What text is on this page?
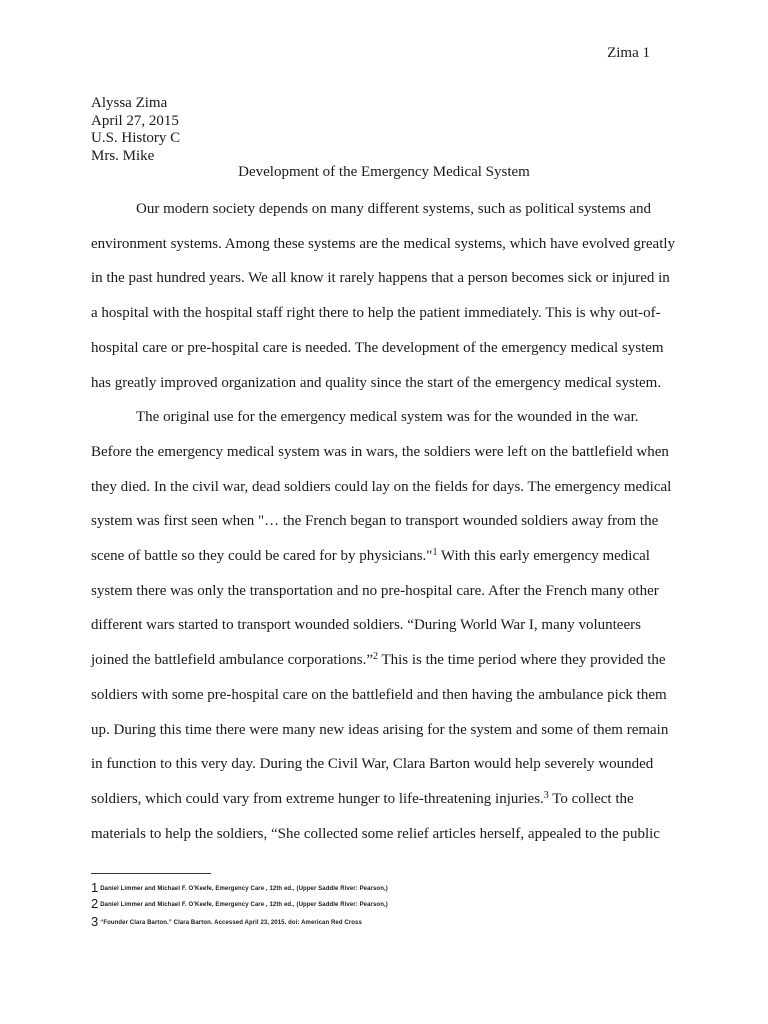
Zima 1
Alyssa Zima
April 27, 2015
U.S. History C
Mrs. Mike
Development of the Emergency Medical System
Our modern society depends on many different systems, such as political systems and
environment systems. Among these systems are the medical systems, which have evolved greatly
in the past hundred years. We all know it rarely happens that a person becomes sick or injured in
a hospital with the hospital staff right there to help the patient immediately. This is why out-of-
hospital care or pre-hospital care is needed. The development of the emergency medical system
has greatly improved organization and quality since the start of the emergency medical system.
The original use for the emergency medical system was for the wounded in the war.
Before the emergency medical system was in wars, the soldiers were left on the battlefield when
they died. In the civil war, dead soldiers could lay on the fields for days. The emergency medical
system was first seen when "… the French began to transport wounded soldiers away from the
scene of battle so they could be cared for by physicians."$^1$ With this early emergency medical
system there was only the transportation and no pre-hospital care. After the French many other
different wars started to transport wounded soldiers. “During World War I, many volunteers
joined the battlefield ambulance corporations.”$^2$ This is the time period where they provided the
soldiers with some pre-hospital care on the battlefield and then having the ambulance pick them
up. During this time there were many new ideas arising for the system and some of them remain
in function to this very day. During the Civil War, Clara Barton would help severely wounded
soldiers, which could vary from extreme hunger to life-threatening injuries.$^3$ To collect the
materials to help the soldiers, “She collected some relief articles herself, appealed to the public
1 Daniel Limmer and Michael F. O’Keefe, Emergency Care , 12th ed., (Upper Saddle River: Pearson,)
2 Daniel Limmer and Michael F. O’Keefe, Emergency Care , 12th ed., (Upper Saddle River: Pearson,)
3 “Founder Clara Barton.” Clara Barton. Accessed April 23, 2015. doi: American Red Cross
